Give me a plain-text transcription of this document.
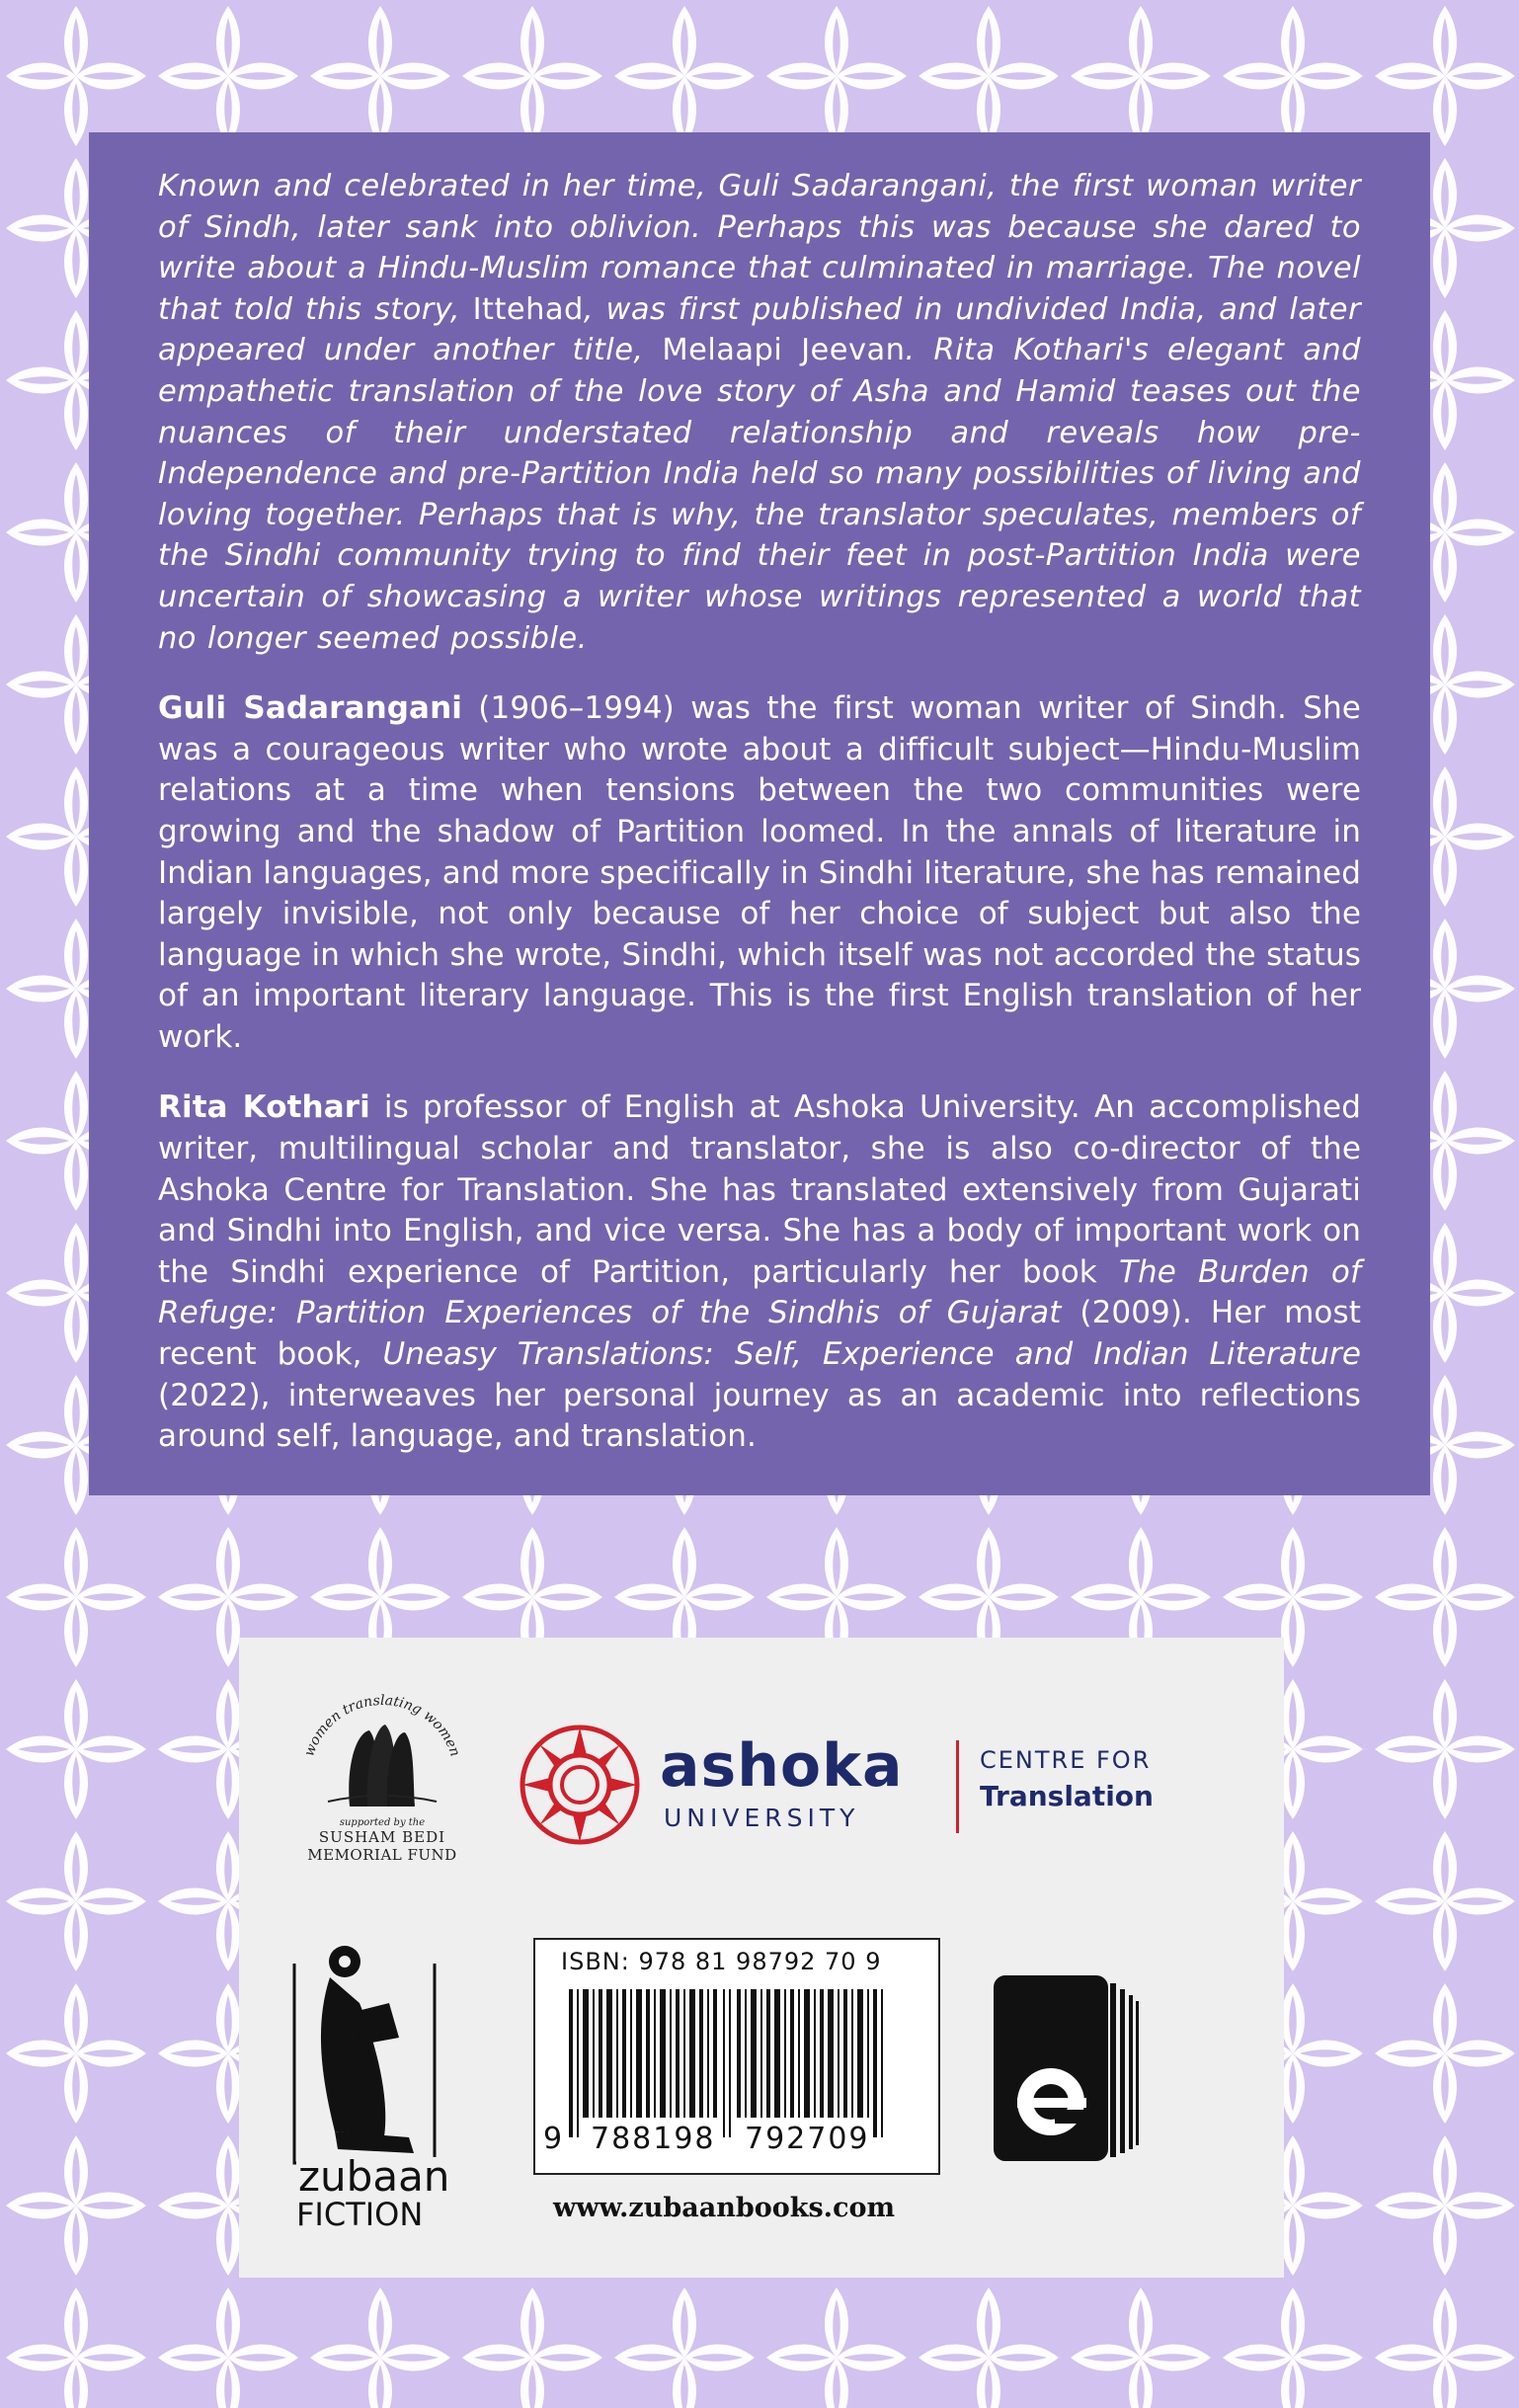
Known and celebrated in her time, Guli Sadarangani, the first woman writer of Sindh, later sank into oblivion. Perhaps this was because she dared to write about a Hindu-Muslim romance that culminated in marriage. The novel that told this story, Ittehad, was first published in undivided India, and later appeared under another title, Melaapi Jeevan. Rita Kothari's elegant and empathetic translation of the love story of Asha and Hamid teases out the nuances of their understated relationship and reveals how pre-Independence and pre-Partition India held so many possibilities of living and loving together. Perhaps that is why, the translator speculates, members of the Sindhi community trying to find their feet in post-Partition India were uncertain of showcasing a writer whose writings represented a world that no longer seemed possible.

Guli Sadarangani (1906–1994) was the first woman writer of Sindh. She was a courageous writer who wrote about a difficult subject—Hindu-Muslim relations at a time when tensions between the two communities were growing and the shadow of Partition loomed. In the annals of literature in Indian languages, and more specifically in Sindhi literature, she has remained largely invisible, not only because of her choice of subject but also the language in which she wrote, Sindhi, which itself was not accorded the status of an important literary language. This is the first English translation of her work.

Rita Kothari is professor of English at Ashoka University. An accomplished writer, multilingual scholar and translator, she is also co-director of the Ashoka Centre for Translation. She has translated extensively from Gujarati and Sindhi into English, and vice versa. She has a body of important work on the Sindhi experience of Partition, particularly her book The Burden of Refuge: Partition Experiences of the Sindhis of Gujarat (2009). Her most recent book, Uneasy Translations: Self, Experience and Indian Literature (2022), interweaves her personal journey as an academic into reflections around self, language, and translation.

women translating women
supported by the
SUSHAM BEDI
MEMORIAL FUND
ashoka
UNIVERSITY
CENTRE FOR
Translation
zubaan
FICTION
ISBN: 978 81 98792 70 9
9 788198 792709
www.zubaanbooks.com
